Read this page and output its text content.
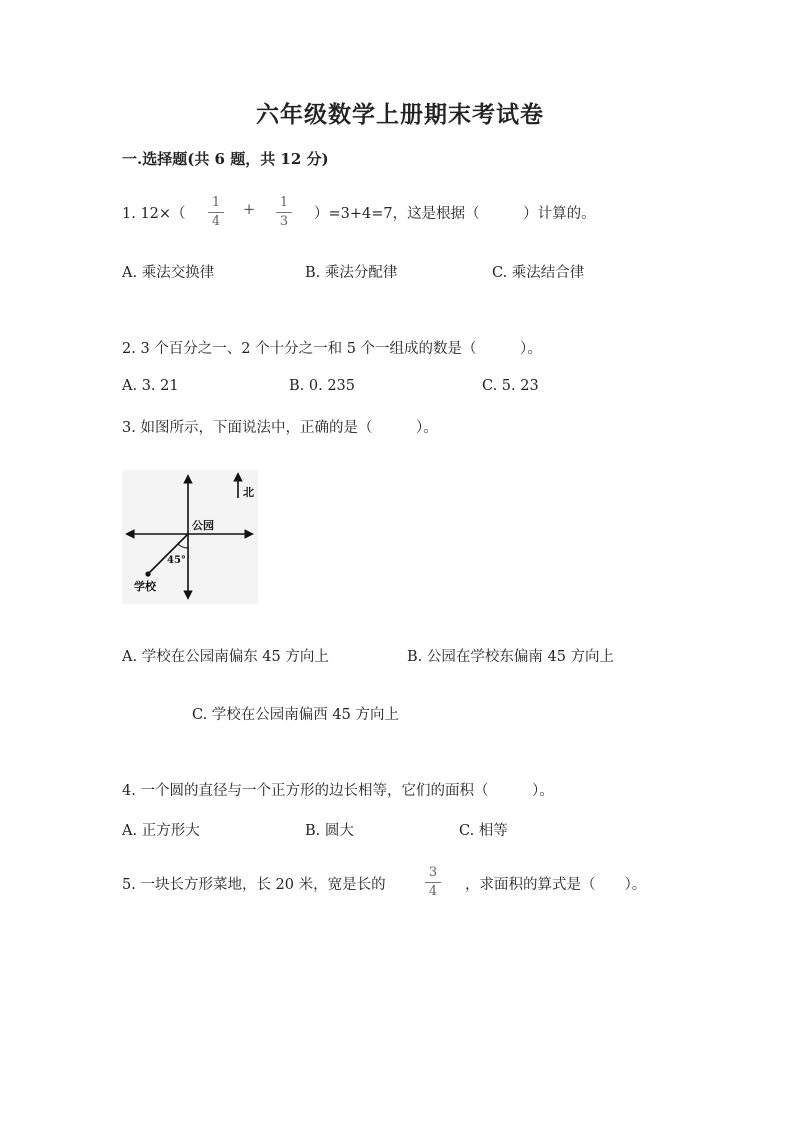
六年级数学上册期末考试卷
一.选择题(共 6 题，共 12 分)
1. 12×（
1
4
+ 1
3 ）=3+4=7，这是根据（　　　）计算的。
A. 乘法交换律	B. 乘法分配律	C. 乘法结合律
2. 3 个百分之一、2 个十分之一和 5 个一组成的数是（　　　）。
A. 3. 21	B. 0. 235	C. 5. 23
3. 如图所示，下面说法中，正确的是（　　　）。
北
公园
45°
学校
A. 学校在公园南偏东 45 方向上	B. 公园在学校东偏南 45 方向上
C. 学校在公园南偏西 45 方向上
4. 一个圆的直径与一个正方形的边长相等，它们的面积（　　　）。
A. 正方形大	B. 圆大	C. 相等
5. 一块长方形菜地，长 20 米，宽是长的
3
4 ，求面积的算式是（　　）。
